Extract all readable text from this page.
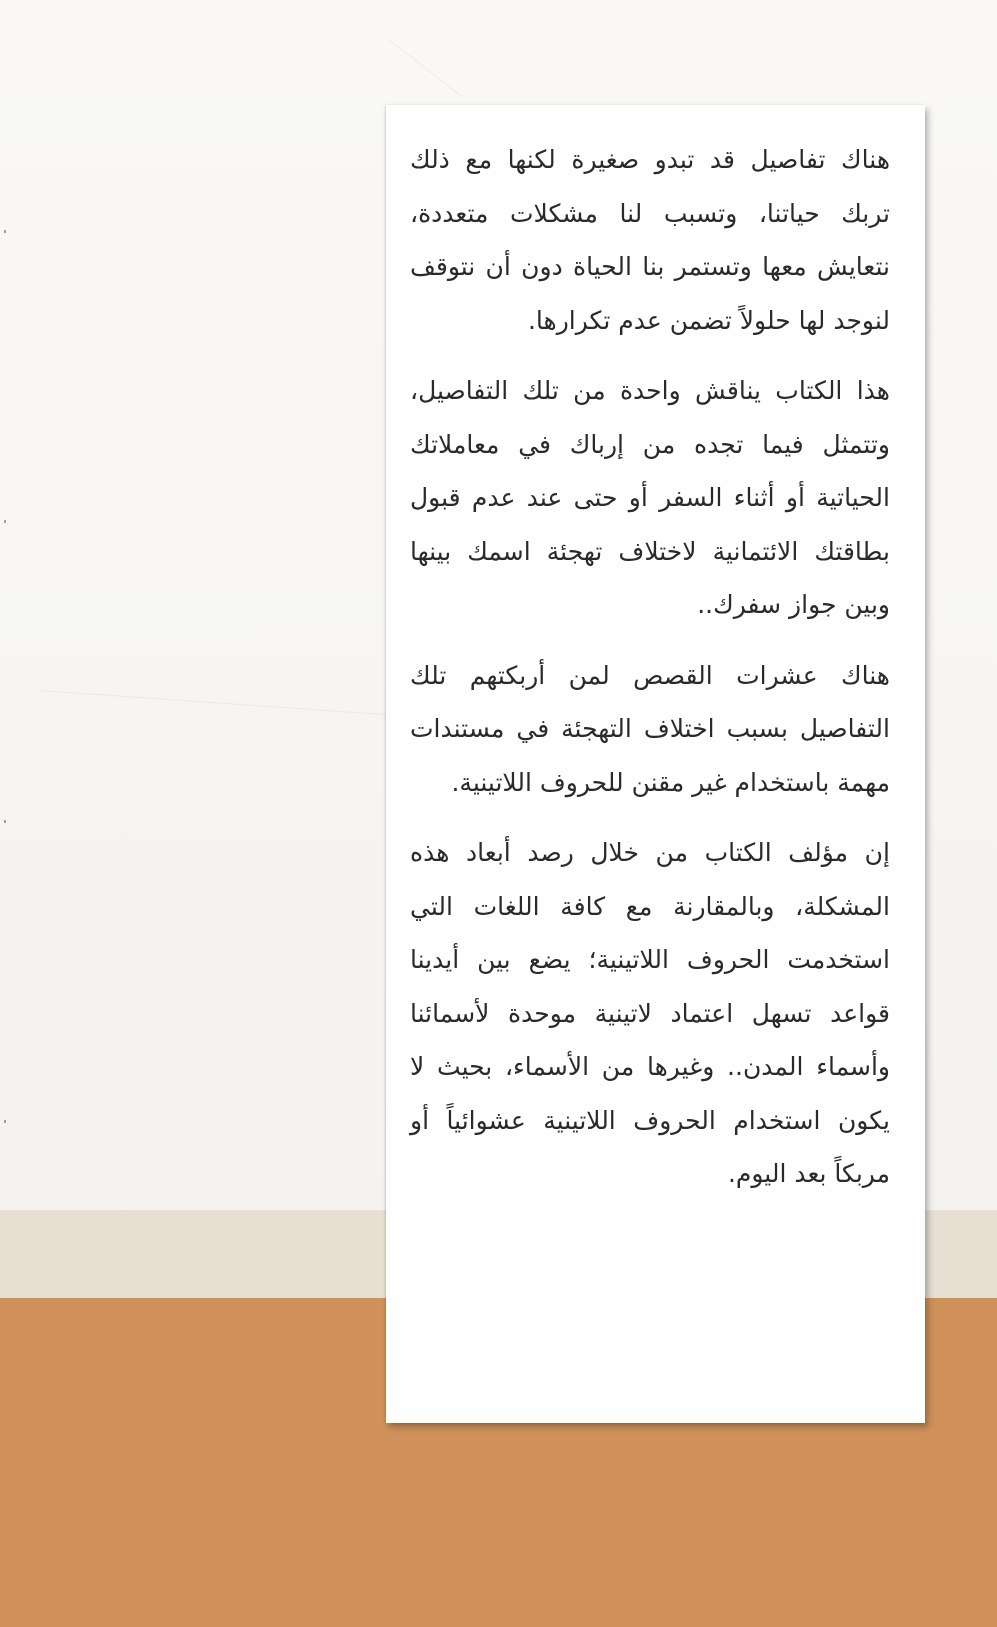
هناك تفاصيل قد تبدو صغيرة لكنها مع ذلك تربك حياتنا، وتسبب لنا مشكلات متعددة، نتعايش معها وتستمر بنا الحياة دون أن نتوقف لنوجد لها حلولاً تضمن عدم تكرارها.

هذا الكتاب يناقش واحدة من تلك التفاصيل، وتتمثل فيما تجده من إرباك في معاملاتك الحياتية أو أثناء السفر أو حتى عند عدم قبول بطاقتك الائتمانية لاختلاف تهجئة اسمك بينها وبين جواز سفرك..

هناك عشرات القصص لمن أربكتهم تلك التفاصيل بسبب اختلاف التهجئة في مستندات مهمة باستخدام غير مقنن للحروف اللاتينية.

إن مؤلف الكتاب من خلال رصد أبعاد هذه المشكلة، وبالمقارنة مع كافة اللغات التي استخدمت الحروف اللاتينية؛ يضع بين أيدينا قواعد تسهل اعتماد لاتينية موحدة لأسمائنا وأسماء المدن.. وغيرها من الأسماء، بحيث لا يكون استخدام الحروف اللاتينية عشوائياً أو مربكاً بعد اليوم.
